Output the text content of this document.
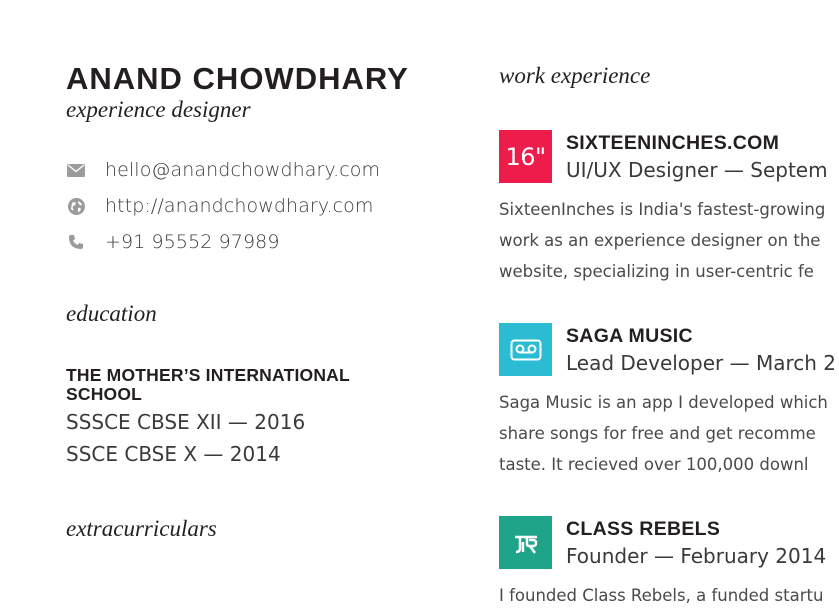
ANAND CHOWDHARY
experience designer
hello@anandchowdhary.com
http://anandchowdhary.com
+91 95552 97989
education
THE MOTHER’S INTERNATIONAL
SCHOOL
SSSCE CBSE XII — 2016
SSCE CBSE X — 2014
extracurriculars
work experience
16" SIXTEENINCHES.COM
UI/UX Designer — Septem
SixteenInches is India's fastest-growing
work as an experience designer on the
website, specializing in user-centric fe
SAGA MUSIC
Lead Developer — March 2
Saga Music is an app I developed which
share songs for free and get recomme
taste. It recieved over 100,000 downl
CLASS REBELS
Founder — February 2014
I founded Class Rebels, a funded startu
